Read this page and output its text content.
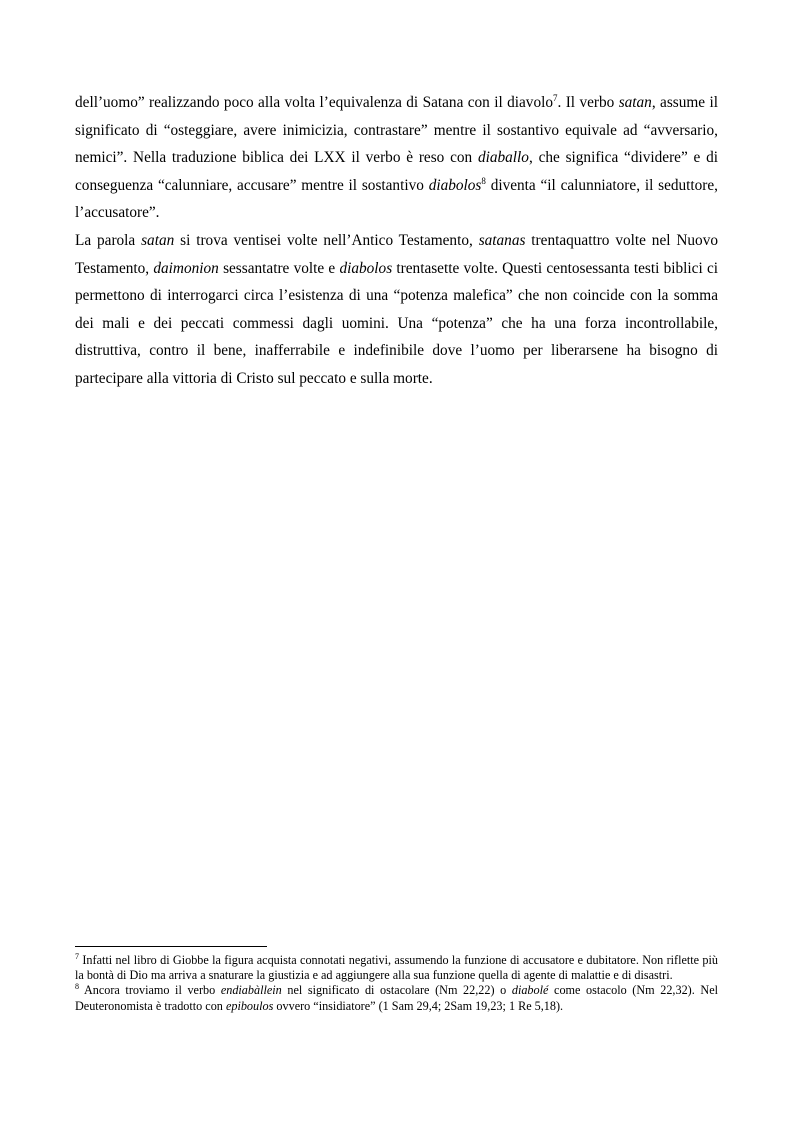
dell’uomo” realizzando poco alla volta l’equivalenza di Satana con il diavolo$^7$. Il verbo satan, assume il significato di “osteggiare, avere inimicizia, contrastare” mentre il sostantivo equivale ad “avversario, nemici”. Nella traduzione biblica dei LXX il verbo è reso con diaballo, che significa “dividere” e di conseguenza “calunniare, accusare” mentre il sostantivo diabolos$^8$ diventa “il calunniatore, il seduttore, l’accusatore”.

La parola satan si trova ventisei volte nell’Antico Testamento, satanas trentaquattro volte nel Nuovo Testamento, daimonion sessantatre volte e diabolos trentasette volte. Questi centosessanta testi biblici ci permettono di interrogarci circa l’esistenza di una “potenza malefica” che non coincide con la somma dei mali e dei peccati commessi dagli uomini. Una “potenza” che ha una forza incontrollabile, distruttiva, contro il bene, inafferrabile e indefinibile dove l’uomo per liberarsene ha bisogno di partecipare alla vittoria di Cristo sul peccato e sulla morte.

$^7$ Infatti nel libro di Giobbe la figura acquista connotati negativi, assumendo la funzione di accusatore e dubitatore. Non riflette più la bontà di Dio ma arriva a snaturare la giustizia e ad aggiungere alla sua funzione quella di agente di malattie e di disastri.

$^8$ Ancora troviamo il verbo endiabàllein nel significato di ostacolare (Nm 22,22) o diabolé come ostacolo (Nm 22,32). Nel Deuteronomista è tradotto con epiboulos ovvero “insidiatore” (1 Sam 29,4; 2Sam 19,23; 1 Re 5,18).
